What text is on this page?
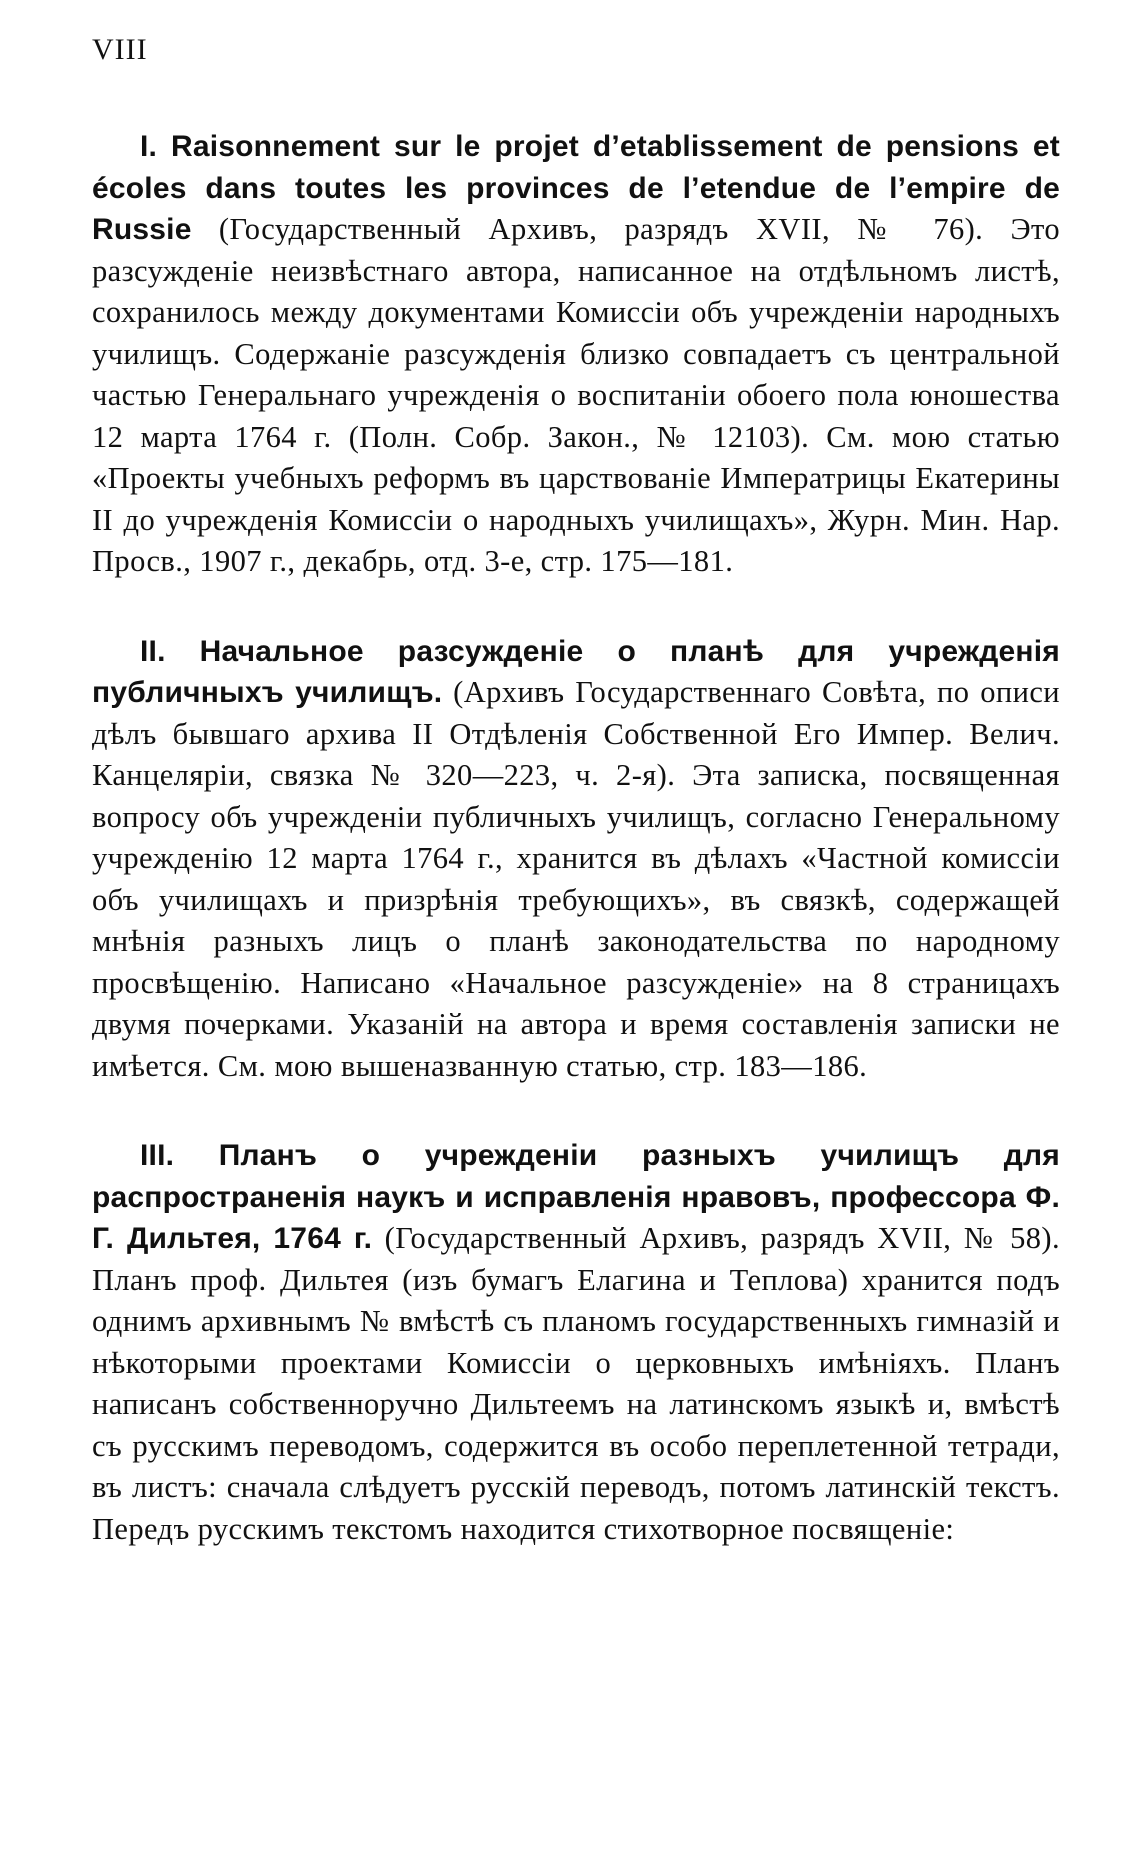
VIII

I. Raisonnement sur le projet d’etablissement de pensions et écoles dans toutes les provinces de l’etendue de l’empire de Russie (Государственный Архивъ, разрядъ XVII, № 76). Это разсужденіе неизвѣстнаго автора, написанное на отдѣльномъ листѣ, сохранилось между документами Комиссіи объ учрежденіи народныхъ училищъ. Содержаніе разсужденія близко совпадаетъ съ центральной частью Генеральнаго учрежденія о воспитаніи обоего пола юношества 12 марта 1764 г. (Полн. Собр. Закон., № 12103). См. мою статью «Проекты учебныхъ реформъ въ царствованіе Императрицы Екатерины II до учрежденія Комиссіи о народныхъ училищахъ», Журн. Мин. Нар. Просв., 1907 г., декабрь, отд. 3-е, стр. 175—181.

II. Начальное разсужденіе о планѣ для учрежденія публичныхъ училищъ. (Архивъ Государственнаго Совѣта, по описи дѣлъ бывшаго архива II Отдѣленія Собственной Его Импер. Велич. Канцеляріи, связка № 320—223, ч. 2-я). Эта записка, посвященная вопросу объ учрежденіи публичныхъ училищъ, согласно Генеральному учрежденію 12 марта 1764 г., хранится въ дѣлахъ «Частной комиссіи объ училищахъ и призрѣнія требующихъ», въ связкѣ, содержащей мнѣнія разныхъ лицъ о планѣ законодательства по народному просвѣщенію. Написано «Начальное разсужденіе» на 8 страницахъ двумя почерками. Указаній на автора и время составленія записки не имѣется. См. мою вышеназванную статью, стр. 183—186.

III. Планъ о учрежденіи разныхъ училищъ для распространенія наукъ и исправленія нравовъ, профессора Ф. Г. Дильтея, 1764 г. (Государственный Архивъ, разрядъ XVII, № 58). Планъ проф. Дильтея (изъ бумагъ Елагина и Теплова) хранится подъ однимъ архивнымъ № вмѣстѣ съ планомъ государственныхъ гимназій и нѣкоторыми проектами Комиссіи о церковныхъ имѣніяхъ. Планъ написанъ собственноручно Дильтеемъ на латинскомъ языкѣ и, вмѣстѣ съ русскимъ переводомъ, содержится въ особо переплетенной тетради, въ листъ: сначала слѣдуетъ русскій переводъ, потомъ латинскій текстъ. Передъ русскимъ текстомъ находится стихотворное посвященіе:
